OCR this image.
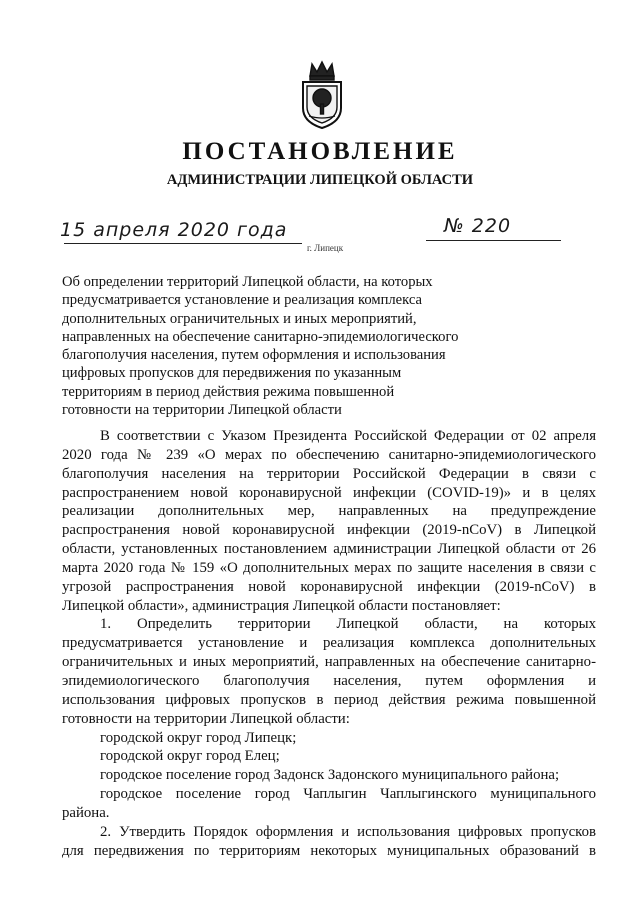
ПОСТАНОВЛЕНИЕ
АДМИНИСТРАЦИИ ЛИПЕЦКОЙ ОБЛАСТИ
15 апреля 2020 года
г. Липецк
№ 220

Об определении территорий Липецкой области, на которых

предусматривается установление и реализация комплекса

дополнительных ограничительных и иных мероприятий,

направленных на обеспечение санитарно-эпидемиологического

благополучия населения, путем оформления и использования

цифровых пропусков для передвижения по указанным

территориям в период действия режима повышенной

готовности на территории Липецкой области

В соответствии с Указом Президента Российской Федерации от 02 апреля

2020 года № 239 «О мерах по обеспечению санитарно-эпидемиологического

благополучия населения на территории Российской Федерации в связи с

распространением новой коронавирусной инфекции (COVID-19)» и в целях

реализации дополнительных мер, направленных на предупреждение

распространения новой коронавирусной инфекции (2019-nCoV) в Липецкой

области, установленных постановлением администрации Липецкой области от 26

марта 2020 года № 159 «О дополнительных мерах по защите населения в связи с

угрозой распространения новой коронавирусной инфекции (2019-nCoV) в

Липецкой области», администрация Липецкой области постановляет:

1. Определить территории Липецкой области, на которых

предусматривается установление и реализация комплекса дополнительных

ограничительных и иных мероприятий, направленных на обеспечение санитарно-

эпидемиологического благополучия населения, путем оформления и

использования цифровых пропусков в период действия режима повышенной

готовности на территории Липецкой области:

городской округ город Липецк;

городской округ город Елец;

городское поселение город Задонск Задонского муниципального района;

городское поселение город Чаплыгин Чаплыгинского муниципального

района.

2. Утвердить Порядок оформления и использования цифровых пропусков

для передвижения по территориям некоторых муниципальных образований в
